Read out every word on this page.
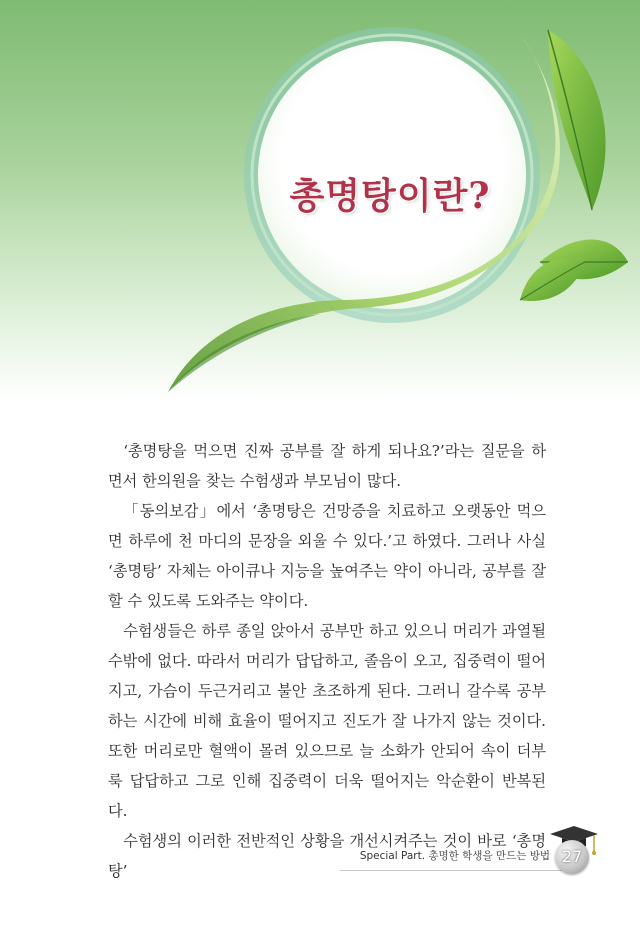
총명탕이란?

‘총명탕을 먹으면 진짜 공부를 잘 하게 되나요?’라는 질문을 하면서 한의원을 찾는 수험생과 부모님이 많다.

「동의보감」에서 ‘총명탕은 건망증을 치료하고 오랫동안 먹으면 하루에 천 마디의 문장을 외울 수 있다.’고 하였다. 그러나 사실 ‘총명탕’ 자체는 아이큐나 지능을 높여주는 약이 아니라, 공부를 잘 할 수 있도록 도와주는 약이다.

수험생들은 하루 종일 앉아서 공부만 하고 있으니 머리가 과열될 수밖에 없다. 따라서 머리가 답답하고, 졸음이 오고, 집중력이 떨어지고, 가슴이 두근거리고 불안 초조하게 된다. 그러니 갈수록 공부하는 시간에 비해 효율이 떨어지고 진도가 잘 나가지 않는 것이다. 또한 머리로만 혈액이 몰려 있으므로 늘 소화가 안되어 속이 더부룩 답답하고 그로 인해 집중력이 더욱 떨어지는 악순환이 반복된다.

수험생의 이러한 전반적인 상황을 개선시켜주는 것이 바로 ‘총명탕’

Special Part. 총명한 학생을 만드는 방법 27
